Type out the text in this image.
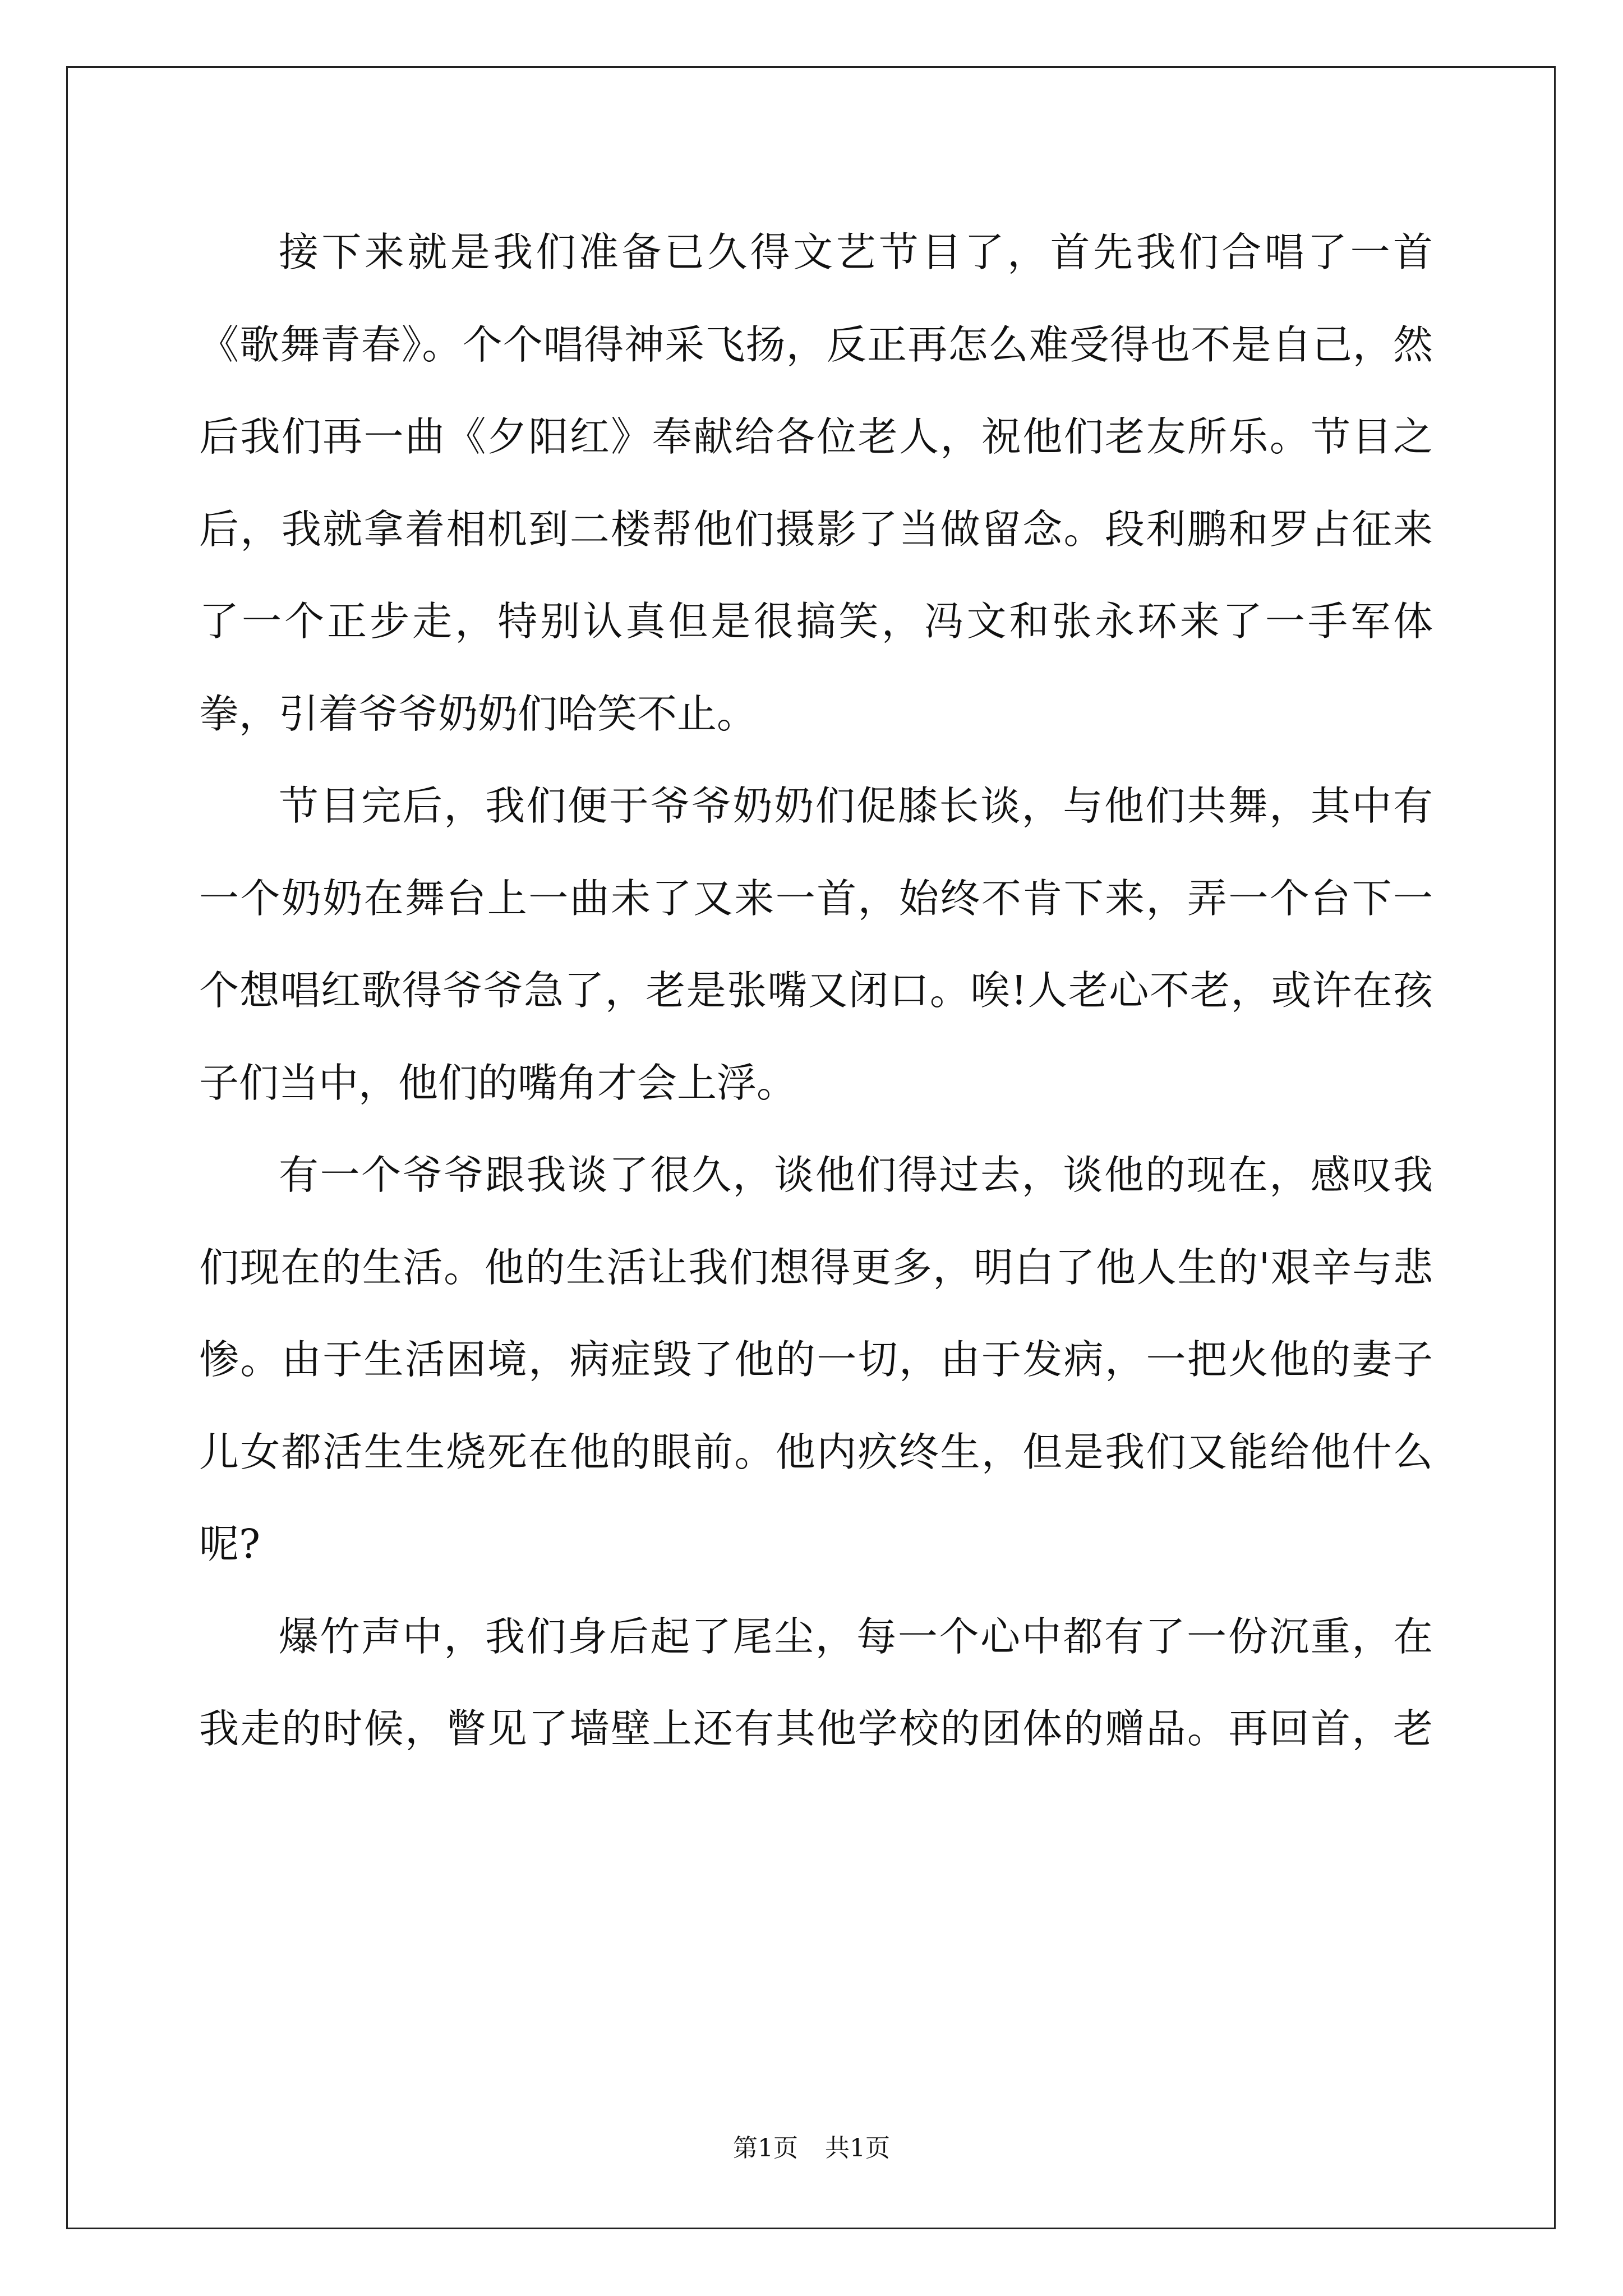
接下来就是我们准备已久得文艺节目了，首先我们合唱了一首《歌舞青春》。个个唱得神采飞扬，反正再怎么难受得也不是自己，然后我们再一曲《夕阳红》奉献给各位老人，祝他们老友所乐。节目之后，我就拿着相机到二楼帮他们摄影了当做留念。段利鹏和罗占征来了一个正步走，特别认真但是很搞笑，冯文和张永环来了一手军体拳，引着爷爷奶奶们哈笑不止。

节目完后，我们便于爷爷奶奶们促膝长谈，与他们共舞，其中有一个奶奶在舞台上一曲未了又来一首，始终不肯下来，弄一个台下一个想唱红歌得爷爷急了，老是张嘴又闭口。唉!人老心不老，或许在孩子们当中，他们的嘴角才会上浮。

有一个爷爷跟我谈了很久，谈他们得过去，谈他的现在，感叹我们现在的生活。他的生活让我们想得更多，明白了他人生的'艰辛与悲惨。由于生活困境，病症毁了他的一切，由于发病，一把火他的妻子儿女都活生生烧死在他的眼前。他内疚终生，但是我们又能给他什么呢?

爆竹声中，我们身后起了尾尘，每一个心中都有了一份沉重，在我走的时候，瞥见了墙壁上还有其他学校的团体的赠品。再回首，老

第1页 共1页
